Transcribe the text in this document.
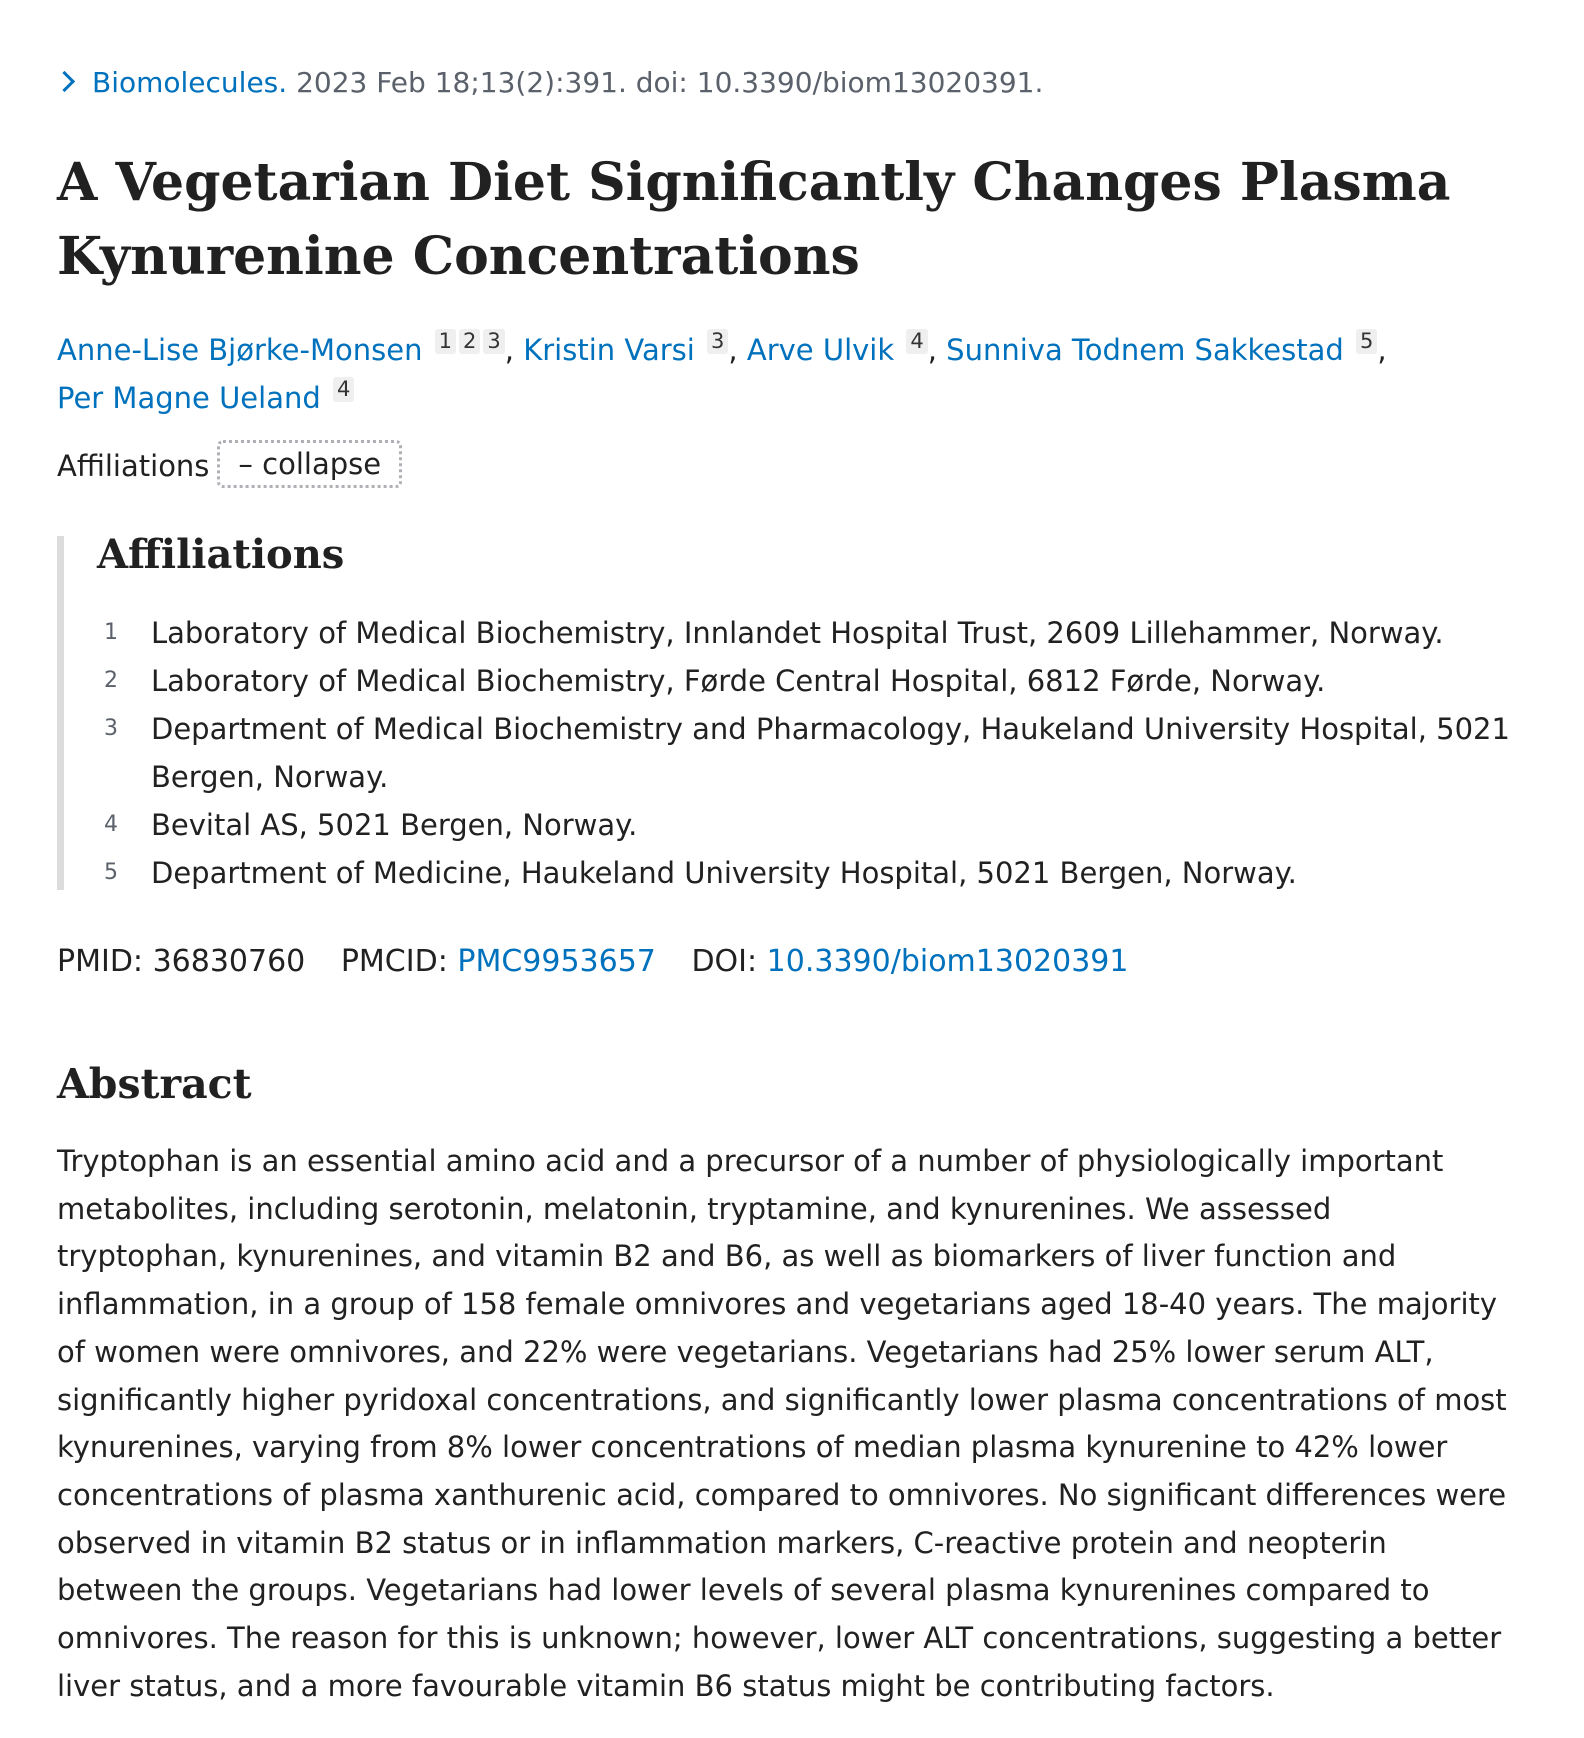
Biomolecules. 2023 Feb 18;13(2):391. doi: 10.3390/biom13020391.
A Vegetarian Diet Significantly Changes Plasma Kynurenine Concentrations
Anne-Lise Bjørke-Monsen 1 2 3 , Kristin Varsi 3 , Arve Ulvik 4 , Sunniva Todnem Sakkestad 5 ,
Per Magne Ueland 4
Affiliations – collapse
Affiliations
1 Laboratory of Medical Biochemistry, Innlandet Hospital Trust, 2609 Lillehammer, Norway.
2 Laboratory of Medical Biochemistry, Førde Central Hospital, 6812 Førde, Norway.
3 Department of Medical Biochemistry and Pharmacology, Haukeland University Hospital, 5021 Bergen, Norway.
4 Bevital AS, 5021 Bergen, Norway.
5 Department of Medicine, Haukeland University Hospital, 5021 Bergen, Norway.
PMID: 36830760 PMCID: PMC9953657 DOI: 10.3390/biom13020391
Abstract

Tryptophan is an essential amino acid and a precursor of a number of physiologically important metabolites, including serotonin, melatonin, tryptamine, and kynurenines. We assessed tryptophan, kynurenines, and vitamin B2 and B6, as well as biomarkers of liver function and inflammation, in a group of 158 female omnivores and vegetarians aged 18-40 years. The majority of women were omnivores, and 22% were vegetarians. Vegetarians had 25% lower serum ALT, significantly higher pyridoxal concentrations, and significantly lower plasma concentrations of most kynurenines, varying from 8% lower concentrations of median plasma kynurenine to 42% lower concentrations of plasma xanthurenic acid, compared to omnivores. No significant differences were observed in vitamin B2 status or in inflammation markers, C-reactive protein and neopterin between the groups. Vegetarians had lower levels of several plasma kynurenines compared to omnivores. The reason for this is unknown; however, lower ALT concentrations, suggesting a better liver status, and a more favourable vitamin B6 status might be contributing factors.
